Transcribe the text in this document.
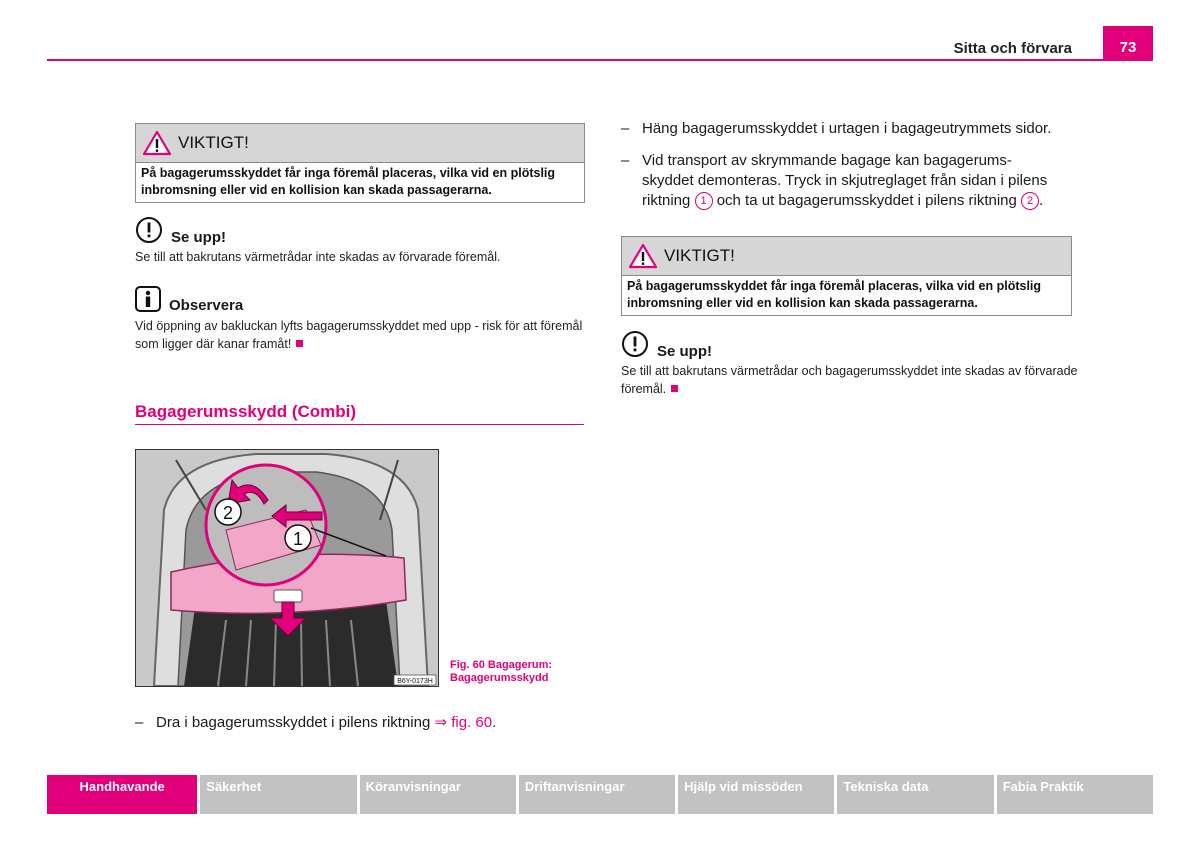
Sitta och förvara	73
VIKTIGT!
På bagagerumsskyddet får inga föremål placeras, vilka vid en plötslig inbromsning eller vid en kollision kan skada passagerarna.
Se upp!
Se till att bakrutans värmetrådar inte skadas av förvarade föremål.
Observera
Vid öppning av bakluckan lyfts bagagerumsskyddet med upp - risk för att föremål som ligger där kanar framåt!
Bagagerumsskydd (Combi)
2
1
B6Y-0173H
Fig. 60 Bagagerum:
Bagagerumsskydd
– Dra i bagagerumsskyddet i pilens riktning ⇒ fig. 60.
– Häng bagagerumsskyddet i urtagen i bagageutrymmets sidor.
– Vid transport av skrymmande bagage kan bagagerums-
skyddet demonteras. Tryck in skjutreglaget från sidan i pilens
riktning 1 och ta ut bagagerumsskyddet i pilens riktning 2 .
VIKTIGT!
På bagagerumsskyddet får inga föremål placeras, vilka vid en plötslig inbromsning eller vid en kollision kan skada passagerarna.
Se upp!
Se till att bakrutans värmetrådar och bagagerumsskyddet inte skadas av förvarade föremål.
Handhavande	Säkerhet	Köranvisningar	Driftanvisningar	Hjälp vid missöden	Tekniska data	Fabia Praktik
